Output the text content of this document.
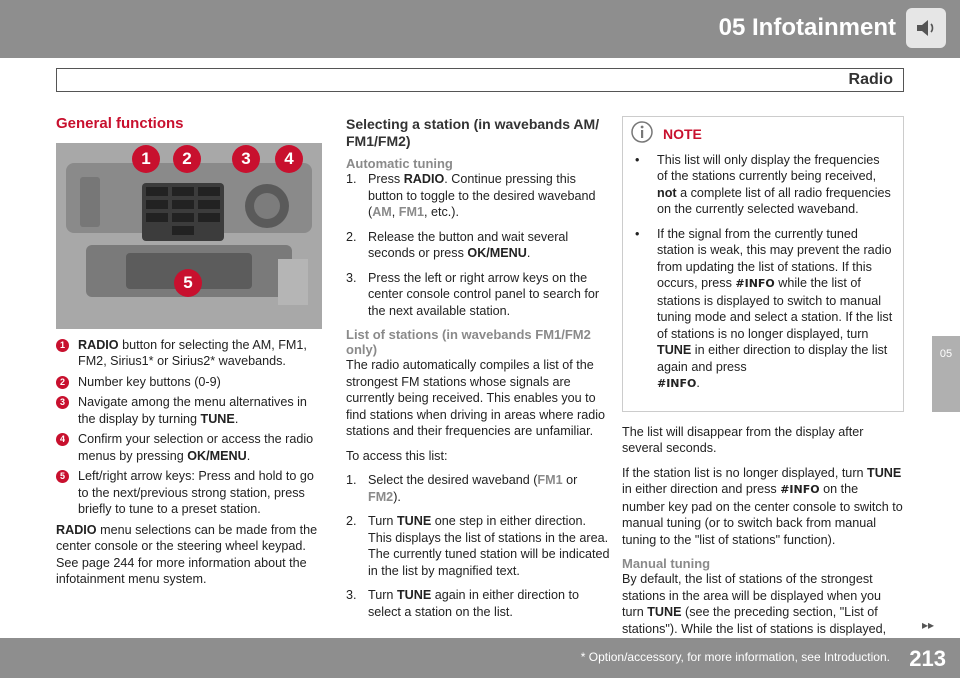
05 Infotainment
Radio
05
General functions
1	2	3	4
5
1	RADIO button for selecting the AM, FM1, FM2, Sirius1* or Sirius2* wavebands.
2	Number key buttons (0-9)
3	Navigate among the menu alternatives in the display by turning TUNE.
4	Confirm your selection or access the radio menus by pressing OK/MENU.
5	Left/right arrow keys: Press and hold to go to the next/previous strong station, press briefly to tune to a preset station.

RADIO menu selections can be made from the center console or the steering wheel keypad. See page 244 for more information about the infotainment menu system.

Selecting a station (in wavebands AM/ FM1/FM2)
Automatic tuning
1. Press RADIO. Continue pressing this button to toggle to the desired waveband (AM, FM1, etc.).
2. Release the button and wait several seconds or press OK/MENU.
3. Press the left or right arrow keys on the center console control panel to search for the next available station.
List of stations (in wavebands FM1/FM2 only)

The radio automatically compiles a list of the strongest FM stations whose signals are currently being received. This enables you to find stations when driving in areas where radio stations and their frequencies are unfamiliar.

To access this list:

1. Select the desired waveband (FM1 or FM2).
2. Turn TUNE one step in either direction. This displays the list of stations in the area. The currently tuned station will be indicated in the list by magnified text.
3. Turn TUNE again in either direction to select a station on the list.
NOTE
•	This list will only display the frequencies of the stations currently being received, not a complete list of all radio frequencies on the currently selected waveband.
•	If the signal from the currently tuned station is weak, this may prevent the radio from updating the list of stations. If this occurs, press #INFO while the list of stations is displayed to switch to manual tuning mode and select a station. If the list of stations is no longer displayed, turn TUNE in either direction to display the list again and press
#INFO.

The list will disappear from the display after several seconds.

If the station list is no longer displayed, turn TUNE in either direction and press #INFO on the number key pad on the center console to switch to manual tuning (or to switch back from manual tuning to the "list of stations" function).

Manual tuning

By default, the list of stations of the strongest stations in the area will be displayed when you turn TUNE (see the preceding section, "List of stations"). While the list of stations is displayed,	▸▸
* Option/accessory, for more information, see Introduction. 213
